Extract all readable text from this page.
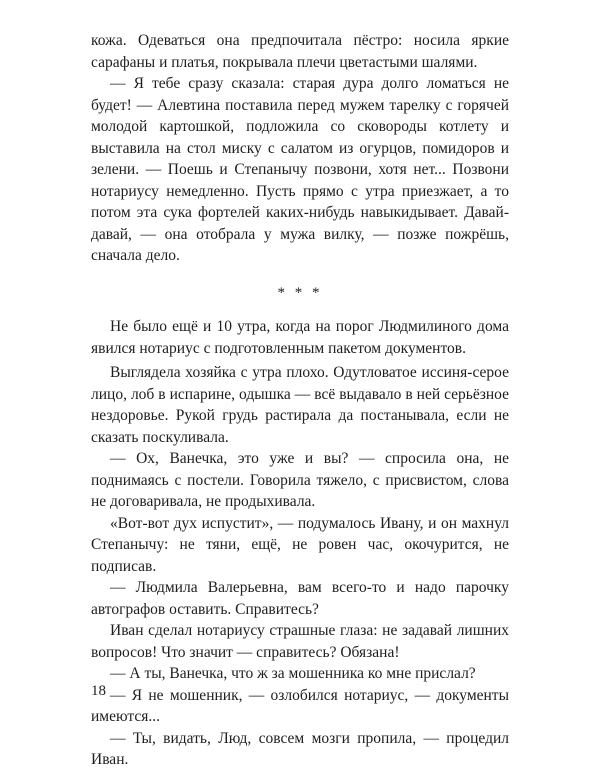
кожа. Одеваться она предпочитала пёстро: носила яркие сарафаны и платья, покрывала плечи цветастыми шалями.

— Я тебе сразу сказала: старая дура долго ломаться не будет! — Алевтина поставила перед мужем тарелку с горячей молодой картошкой, подложила со сковороды котлету и выставила на стол миску с салатом из огурцов, помидоров и зелени. — Поешь и Степанычу позвони, хотя нет... Позвони нотариусу немедленно. Пусть прямо с утра приезжает, а то потом эта сука фортелей каких-нибудь навыкидывает. Давай-давай, — она отобрала у мужа вилку, — позже пожрёшь, сначала дело.

* * *

Не было ещё и 10 утра, когда на порог Людмилиного дома явился нотариус с подготовленным пакетом документов.

Выглядела хозяйка с утра плохо. Одутловатое иссиня-серое лицо, лоб в испарине, одышка — всё выдавало в ней серьёзное нездоровье. Рукой грудь растирала да постанывала, если не сказать поскуливала.

— Ох, Ванечка, это уже и вы? — спросила она, не поднимаясь с постели. Говорила тяжело, с присвистом, слова не договаривала, не продыхивала.

«Вот-вот дух испустит», — подумалось Ивану, и он махнул Степанычу: не тяни, ещё, не ровен час, окочурится, не подписав.

— Людмила Валерьевна, вам всего-то и надо парочку автографов оставить. Справитесь?

Иван сделал нотариусу страшные глаза: не задавай лишних вопросов! Что значит — справитесь? Обязана!

— А ты, Ванечка, что ж за мошенника ко мне прислал?

— Я не мошенник, — озлобился нотариус, — документы имеются...

— Ты, видать, Люд, совсем мозги пропила, — процедил Иван.

18
